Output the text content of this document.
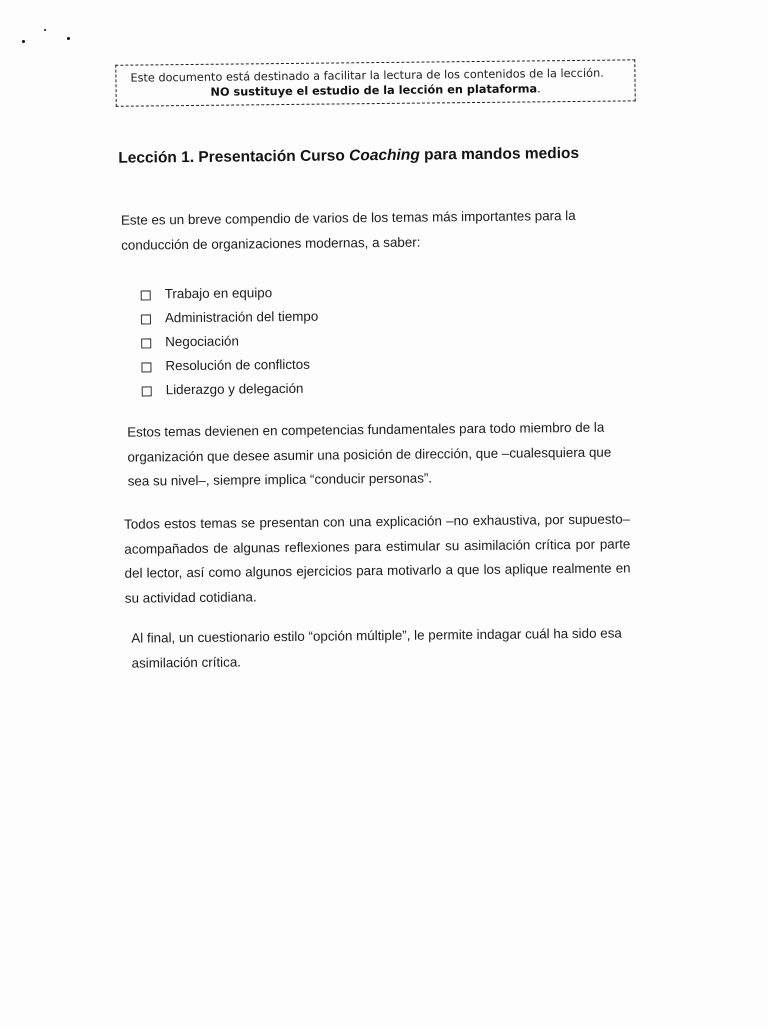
Este documento está destinado a facilitar la lectura de los contenidos de la lección.
NO sustituye el estudio de la lección en plataforma.
Lección 1. Presentación Curso Coaching para mandos medios
Este es un breve compendio de varios de los temas más importantes para la conducción de organizaciones modernas, a saber:
Trabajo en equipo
Administración del tiempo
Negociación
Resolución de conflictos
Liderazgo y delegación
Estos temas devienen en competencias fundamentales para todo miembro de la organización que desee asumir una posición de dirección, que –cualesquiera que sea su nivel–, siempre implica “conducir personas”.
Todos estos temas se presentan con una explicación –no exhaustiva, por supuesto– acompañados de algunas reflexiones para estimular su asimilación crítica por parte del lector, así como algunos ejercicios para motivarlo a que los aplique realmente en su actividad cotidiana.
Al final, un cuestionario estilo “opción múltiple”, le permite indagar cuál ha sido esa asimilación crítica.
